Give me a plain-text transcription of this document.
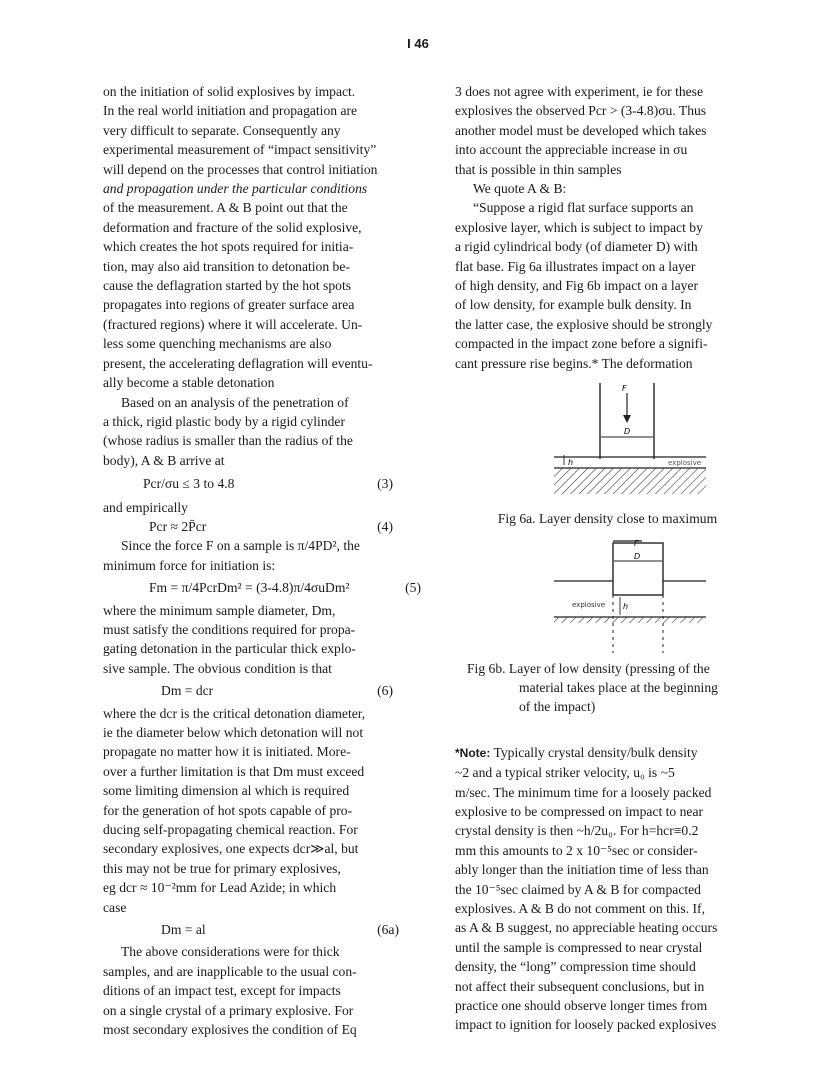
I 46
on the initiation of solid explosives by impact.
In the real world initiation and propagation are
very difficult to separate. Consequently any
experimental measurement of “impact sensitivity”
will depend on the processes that control initiation
and propagation under the particular conditions
of the measurement. A & B point out that the
deformation and fracture of the solid explosive,
which creates the hot spots required for initia-
tion, may also aid transition to detonation be-
cause the deflagration started by the hot spots
propagates into regions of greater surface area
(fractured regions) where it will accelerate. Un-
less some quenching mechanisms are also
present, the accelerating deflagration will eventu-
ally become a stable detonation
Based on an analysis of the penetration of
a thick, rigid plastic body by a rigid cylinder
(whose radius is smaller than the radius of the
body), A & B arrive at
Pcr/σu ≤ 3 to 4.8	(3)
and empirically
Pcr ≈ 2P̄cr	(4)
Since the force F on a sample is π/4PD², the
minimum force for initiation is:
Fm = π/4PcrDm² = (3-4.8)π/4σuDm²	(5)
where the minimum sample diameter, Dm,
must satisfy the conditions required for propa-
gating detonation in the particular thick explo-
sive sample. The obvious condition is that
Dm = dcr	(6)
where the dcr is the critical detonation diameter,
ie the diameter below which detonation will not
propagate no matter how it is initiated. More-
over a further limitation is that Dm must exceed
some limiting dimension al which is required
for the generation of hot spots capable of pro-
ducing self-propagating chemical reaction. For
secondary explosives, one expects dcr≫al, but
this may not be true for primary explosives,
eg dcr ≈ 10⁻²mm for Lead Azide; in which
case
Dm = al	(6a)
The above considerations were for thick
samples, and are inapplicable to the usual con-
ditions of an impact test, except for impacts
on a single crystal of a primary explosive. For
most secondary explosives the condition of Eq
3 does not agree with experiment, ie for these
explosives the observed Pcr > (3-4.8)σu. Thus
another model must be developed which takes
into account the appreciable increase in σu
that is possible in thin samples
We quote A & B:
“Suppose a rigid flat surface supports an
explosive layer, which is subject to impact by
a rigid cylindrical body (of diameter D) with
flat base. Fig 6a illustrates impact on a layer
of high density, and Fig 6b impact on a layer
of low density, for example bulk density. In
the latter case, the explosive should be strongly
compacted in the impact zone before a signifi-
cant pressure rise begins.* The deformation
F
D
h	explosive
Fig 6a. Layer density close to maximum
F
D
explosive h
Fig 6b. Layer of low density (pressing of the
material takes place at the beginning
of the impact)
*Note: Typically crystal density/bulk density
~2 and a typical striker velocity, u₀ is ~5
m/sec. The minimum time for a loosely packed
explosive to be compressed on impact to near
crystal density is then ~h/2u₀. For h=hcr≡0.2
mm this amounts to 2 x 10⁻⁵sec or consider-
ably longer than the initiation time of less than
the 10⁻⁵sec claimed by A & B for compacted
explosives. A & B do not comment on this. If,
as A & B suggest, no appreciable heating occurs
until the sample is compressed to near crystal
density, the “long” compression time should
not affect their subsequent conclusions, but in
practice one should observe longer times from
impact to ignition for loosely packed explosives
